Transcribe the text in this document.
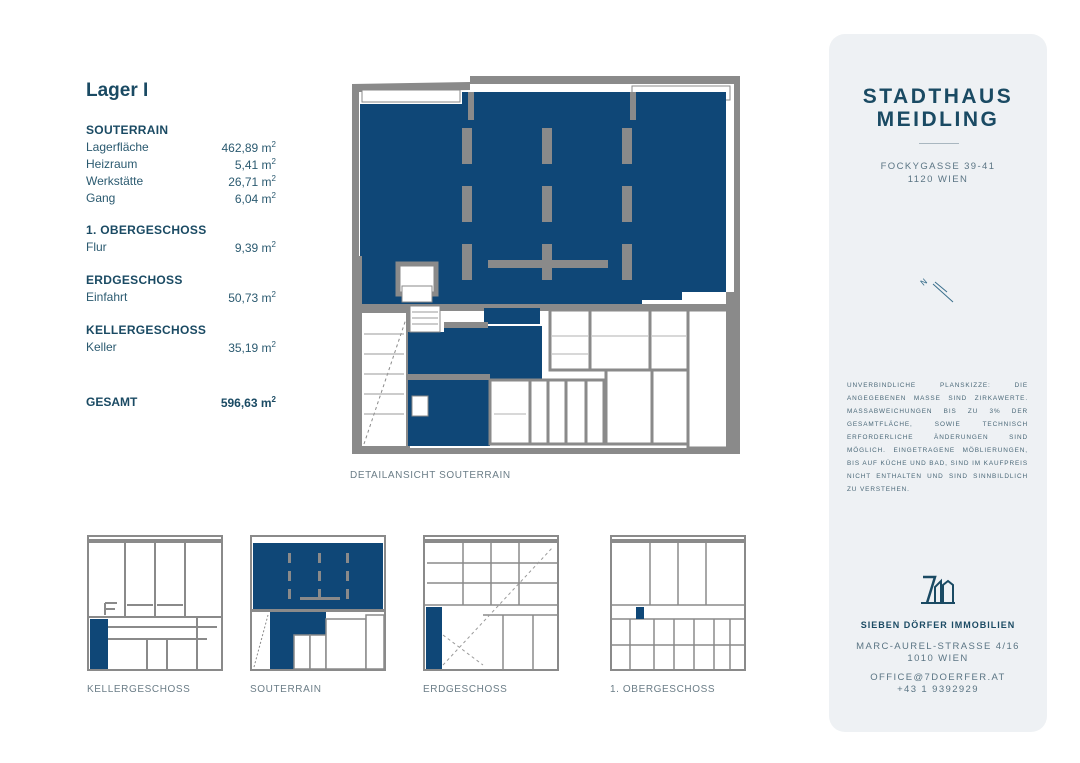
Lager I
SOUTERRAIN
Lagerfläche	462,89 $m^2$
Heizraum	5,41 $m^2$
Werkstätte	26,71 $m^2$
Gang	6,04 $m^2$
1. OBERGESCHOSS
Flur	9,39 $m^2$
ERDGESCHOSS
Einfahrt	50,73 $m^2$
KELLERGESCHOSS
Keller	35,19 $m^2$
GESAMT	596,63 $m^2$
DETAILANSICHT SOUTERRAIN
KELLERGESCHOSS	SOUTERRAIN	ERDGESCHOSS	1. OBERGESCHOSS
STADTHAUS
MEIDLING
FOCKYGASSE 39-41
1120 WIEN
N
UNVERBINDLICHE PLANSKIZZE: DIE ANGEGEBENEN MASSE SIND ZIRKAWERTE. MASSABWEICHUNGEN BIS ZU 3% DER GESAMTFLÄCHE, SOWIE TECHNISCH ERFORDERLICHE ÄNDERUNGEN SIND MÖGLICH. EINGETRAGENE MÖBLIERUNGEN, BIS AUF KÜCHE UND BAD, SIND IM KAUFPREIS NICHT ENTHALTEN UND SIND SINNBILDLICH ZU VERSTEHEN.
SIEBEN DÖRFER IMMOBILIEN
MARC-AUREL-STRASSE 4/16
1010 WIEN
OFFICE@7DOERFER.AT
+43 1 9392929
